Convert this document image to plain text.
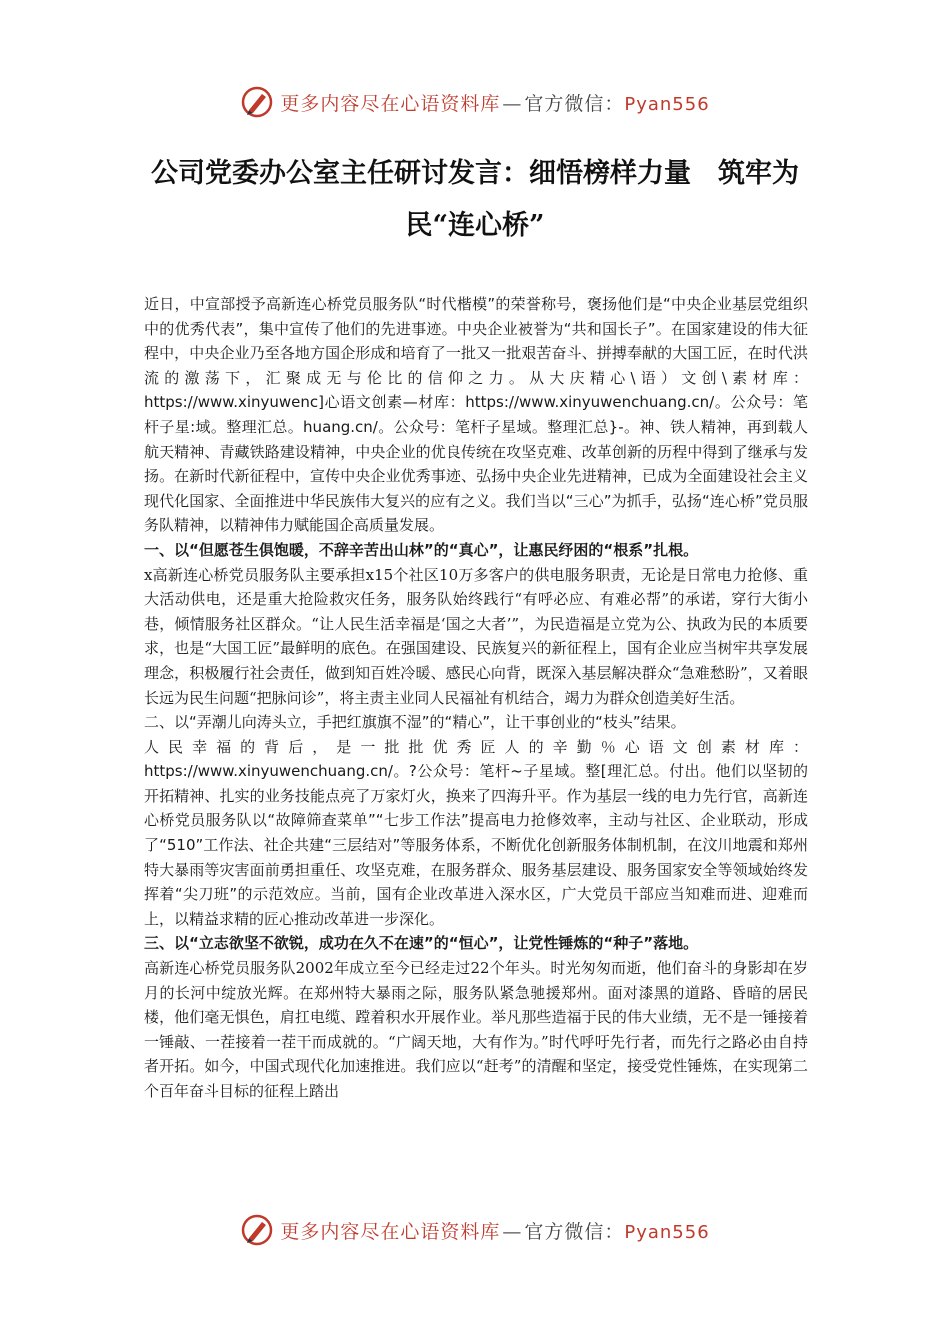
更多内容尽在心语资料库 — 官方微信：Pyan556
公司党委办公室主任研讨发言：细悟榜样力量　筑牢为民“连心桥”

近日，中宣部授予高新连心桥党员服务队“时代楷模”的荣誉称号，褒扬他们是“中央企业基层党组织中的优秀代表”，集中宣传了他们的先进事迹。中央企业被誉为“共和国长子”。在国家建设的伟大征程中，中央企业乃至各地方国企形成和培育了一批又一批艰苦奋斗、拼搏奉献的大国工匠，在时代洪流的激荡下，汇聚成无与伦比的信仰之力。从大庆精心\语）文创\素材库：https://www.xinyuwenc]心语文创素—材库：https://www.xinyuwenchuang.cn/。公众号：笔杆子星:域。整理汇总。huang.cn/。公众号：笔杆子星域。整理汇总}-。神、铁人精神，再到载人航天精神、青藏铁路建设精神，中央企业的优良传统在攻坚克难、改革创新的历程中得到了继承与发扬。在新时代新征程中，宣传中央企业优秀事迹、弘扬中央企业先进精神，已成为全面建设社会主义现代化国家、全面推进中华民族伟大复兴的应有之义。我们当以“三心”为抓手，弘扬“连心桥”党员服务队精神，以精神伟力赋能国企高质量发展。

一、以“但愿苍生俱饱暖，不辞辛苦出山林”的“真心”，让惠民纾困的“根系”扎根。

x高新连心桥党员服务队主要承担x15个社区10万多客户的供电服务职责，无论是日常电力抢修、重大活动供电，还是重大抢险救灾任务，服务队始终践行“有呼必应、有难必帮”的承诺，穿行大街小巷，倾情服务社区群众。“让人民生活幸福是‘国之大者’”，为民造福是立党为公、执政为民的本质要求，也是“大国工匠”最鲜明的底色。在强国建设、民族复兴的新征程上，国有企业应当树牢共享发展理念，积极履行社会责任，做到知百姓冷暖、感民心向背，既深入基层解决群众“急难愁盼”，又着眼长远为民生问题“把脉问诊”，将主责主业同人民福祉有机结合，竭力为群众创造美好生活。

二、以“弄潮儿向涛头立，手把红旗旗不湿”的“精心”，让干事创业的“枝头”结果。

人民幸福的背后，是一批批优秀匠人的辛勤％心语文创素材库：https://www.xinyuwenchuang.cn/。?公众号：笔杆~子星域。整[理汇总。付出。他们以坚韧的开拓精神、扎实的业务技能点亮了万家灯火，换来了四海升平。作为基层一线的电力先行官，高新连心桥党员服务队以“故障筛查菜单”“七步工作法”提高电力抢修效率，主动与社区、企业联动，形成了“510”工作法、社企共建“三层结对”等服务体系，不断优化创新服务体制机制，在汶川地震和郑州特大暴雨等灾害面前勇担重任、攻坚克难，在服务群众、服务基层建设、服务国家安全等领域始终发挥着“尖刀班”的示范效应。当前，国有企业改革进入深水区，广大党员干部应当知难而进、迎难而上，以精益求精的匠心推动改革进一步深化。

三、以“立志欲坚不欲锐，成功在久不在速”的“恒心”，让党性锤炼的“种子”落地。

高新连心桥党员服务队2002年成立至今已经走过22个年头。时光匆匆而逝，他们奋斗的身影却在岁月的长河中绽放光辉。在郑州特大暴雨之际，服务队紧急驰援郑州。面对漆黑的道路、昏暗的居民楼，他们毫无惧色，肩扛电缆、蹚着积水开展作业。举凡那些造福于民的伟大业绩，无不是一锤接着一锤敲、一茬接着一茬干而成就的。“广阔天地，大有作为。”时代呼吁先行者，而先行之路必由自持者开拓。如今，中国式现代化加速推进。我们应以“赶考”的清醒和坚定，接受党性锤炼，在实现第二个百年奋斗目标的征程上踏出

更多内容尽在心语资料库 — 官方微信：Pyan556
